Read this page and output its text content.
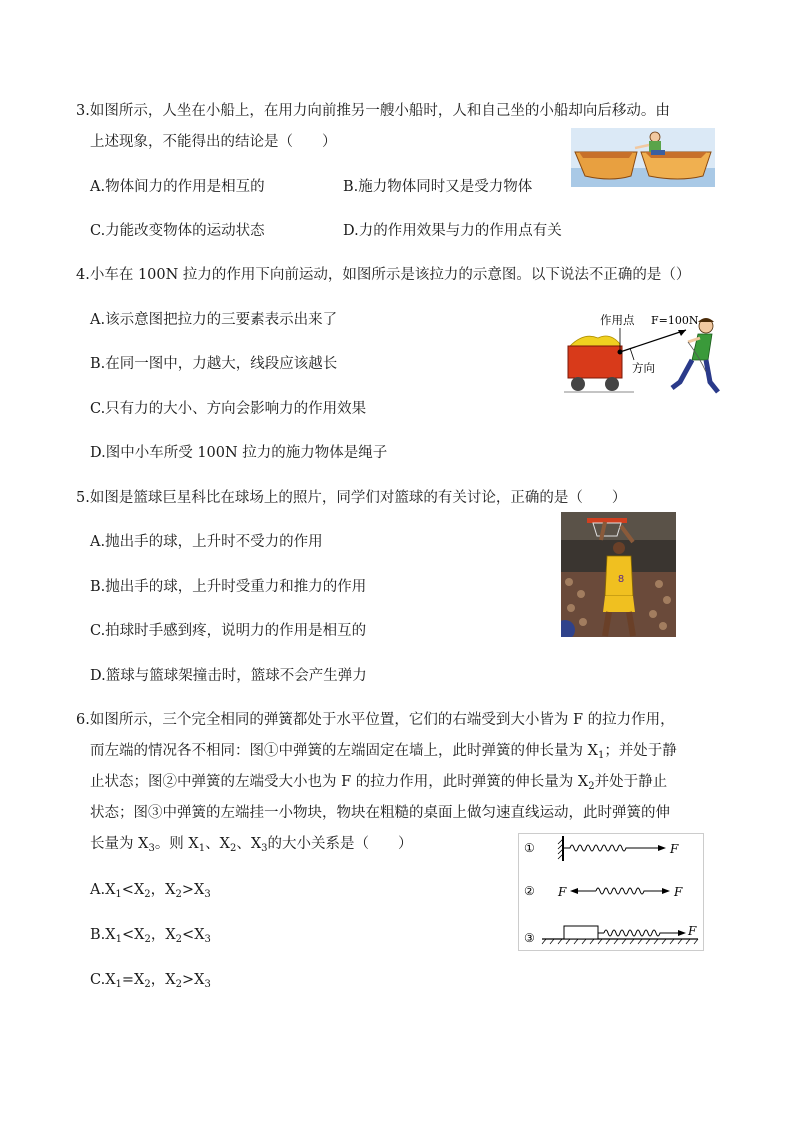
3.如图所示，人坐在小船上，在用力向前推另一艘小船时，人和自己坐的小船却向后移动。由
上述现象，不能得出的结论是（　　）
A.物体间力的作用是相互的	B.施力物体同时又是受力物体
C.力能改变物体的运动状态	D.力的作用效果与力的作用点有关
4.小车在 100N 拉力的作用下向前运动，如图所示是该拉力的示意图。以下说法不正确的是（）
A.该示意图把拉力的三要素表示出来了
B.在同一图中，力越大，线段应该越长
C.只有力的大小、方向会影响力的作用效果
D.图中小车所受 100N 拉力的施力物体是绳子
作用点 F=100N
方向
5.如图是篮球巨星科比在球场上的照片，同学们对篮球的有关讨论，正确的是（　　）
A.抛出手的球，上升时不受力的作用
B.抛出手的球，上升时受重力和推力的作用
C.拍球时手感到疼，说明力的作用是相互的
D.篮球与篮球架撞击时，篮球不会产生弹力
8
6.如图所示，三个完全相同的弹簧都处于水平位置，它们的右端受到大小皆为 F 的拉力作用，
而左端的情况各不相同：图①中弹簧的左端固定在墙上，此时弹簧的伸长量为 $X_1$；并处于静
止状态；图②中弹簧的左端受大小也为 F 的拉力作用，此时弹簧的伸长量为 $X_2$并处于静止
状态；图③中弹簧的左端挂一小物块，物块在粗糙的桌面上做匀速直线运动，此时弹簧的伸
长量为 $X_3$。则 $X_1$、$X_2$、$X_3$的大小关系是（　　）
$A.X_1<X_2$，$X_2>X_3$
$B.X_1<X_2$，$X_2<X_3$
$C.X_1=X_2$，$X_2>X_3$
①	F
② F	F
③	F
